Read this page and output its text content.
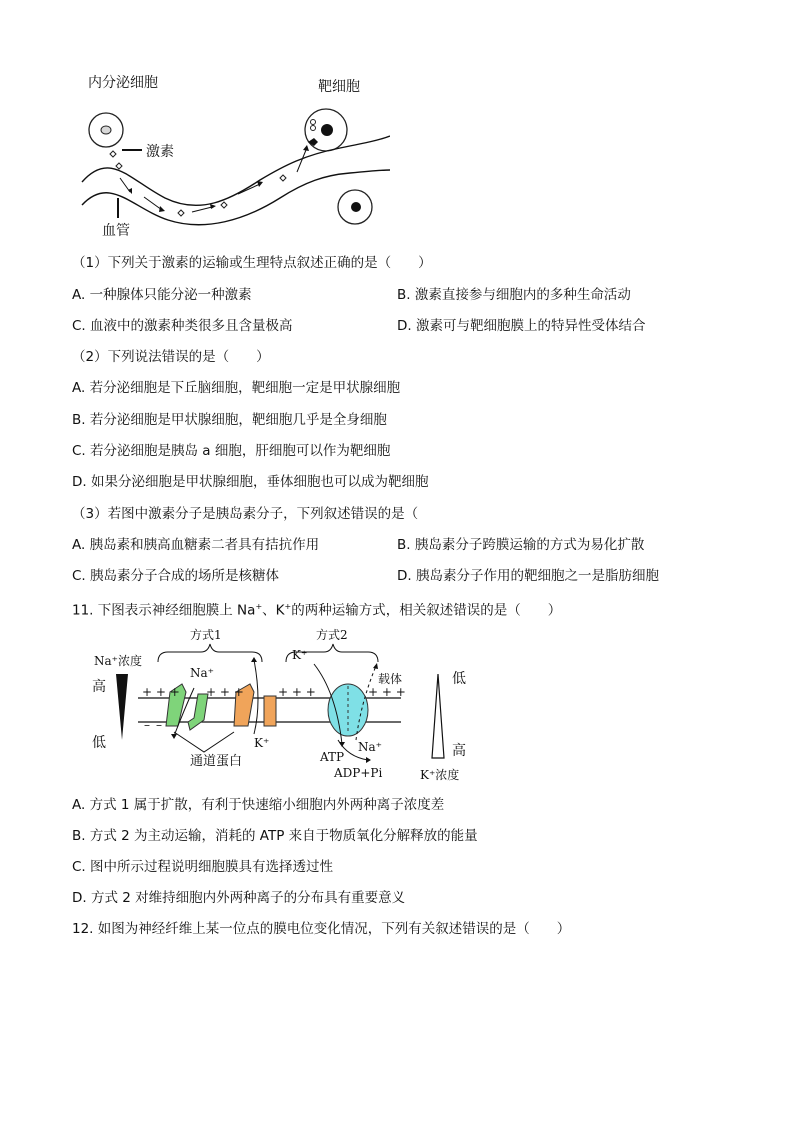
内分泌细胞	靶细胞
激素
血管
（1）下列关于激素的运输或生理特点叙述正确的是（　　）
A. 一种腺体只能分泌一种激素	B. 激素直接参与细胞内的多种生命活动
C. 血液中的激素种类很多且含量极高	D. 激素可与靶细胞膜上的特异性受体结合
（2）下列说法错误的是（　　）
A. 若分泌细胞是下丘脑细胞，靶细胞一定是甲状腺细胞
B. 若分泌细胞是甲状腺细胞，靶细胞几乎是全身细胞
C. 若分泌细胞是胰岛 a 细胞，肝细胞可以作为靶细胞
D. 如果分泌细胞是甲状腺细胞，垂体细胞也可以成为靶细胞
（3）若图中激素分子是胰岛素分子，下列叙述错误的是（
A. 胰岛素和胰高血糖素二者具有拮抗作用	B. 胰岛素分子跨膜运输的方式为易化扩散
C. 胰岛素分子合成的场所是核糖体	D. 胰岛素分子作用的靶细胞之一是脂肪细胞
11. 下图表示神经细胞膜上 Na+、K+的两种运输方式，相关叙述错误的是（　　）
方式1	方式2
Na⁺浓度
高
低
Na⁺
K⁺
载体
+ + + + + +	+ + +	+ + +
– –
通道蛋白
K⁺	Na⁺
ATP
ADP+Pi
低
高
K⁺浓度
A. 方式 1 属于扩散，有利于快速缩小细胞内外两种离子浓度差
B. 方式 2 为主动运输，消耗的 ATP 来自于物质氧化分解释放的能量
C. 图中所示过程说明细胞膜具有选择透过性
D. 方式 2 对维持细胞内外两种离子的分布具有重要意义
12. 如图为神经纤维上某一位点的膜电位变化情况，下列有关叙述错误的是（　　）
